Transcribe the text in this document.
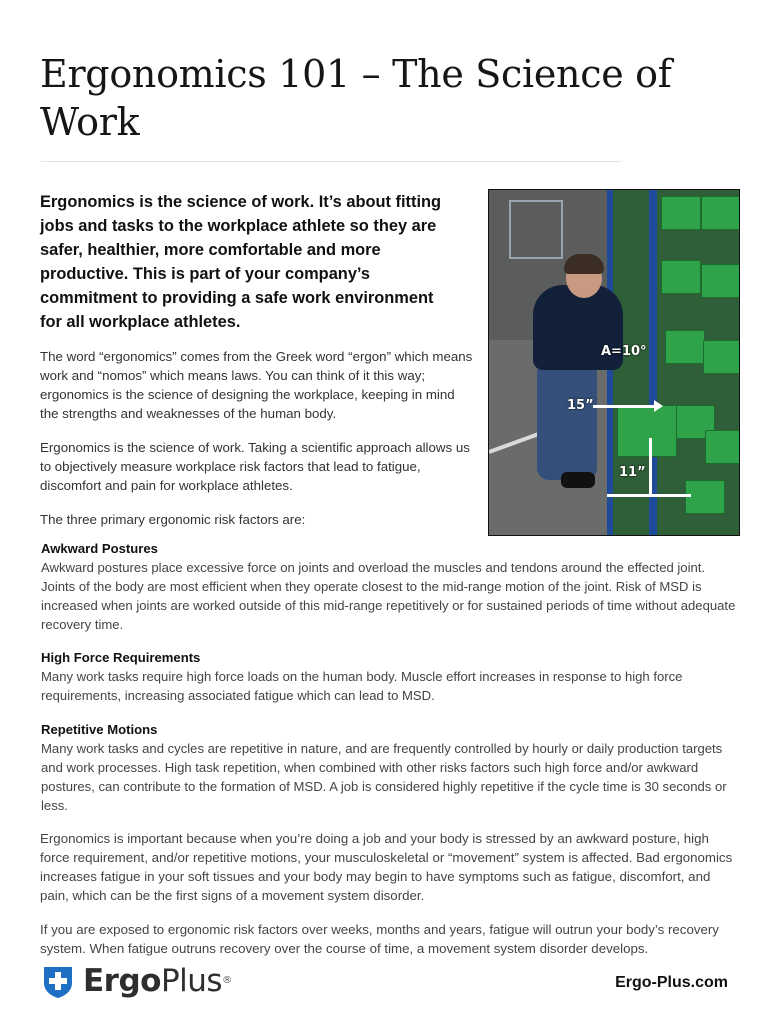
Ergonomics 101 – The Science of Work

Ergonomics is the science of work. It’s about fitting jobs and tasks to the workplace athlete so they are safer, healthier, more comfortable and more productive. This is part of your company’s commitment to providing a safe work environment for all workplace athletes.

The word “ergonomics” comes from the Greek word “ergon” which means work and “nomos” which means laws. You can think of it this way; ergonomics is the science of designing the workplace, keeping in mind the strengths and weaknesses of the human body.

Ergonomics is the science of work. Taking a scientific approach allows us to objectively measure workplace risk factors that lead to fatigue, discomfort and pain for workplace athletes.

The three primary ergonomic risk factors are:

Awkward Postures

Awkward postures place excessive force on joints and overload the muscles and tendons around the effected joint. Joints of the body are most efficient when they operate closest to the mid-range motion of the joint. Risk of MSD is increased when joints are worked outside of this mid-range repetitively or for sustained periods of time without adequate recovery time.

High Force Requirements

Many work tasks require high force loads on the human body. Muscle effort increases in response to high force requirements, increasing associated fatigue which can lead to MSD.

Repetitive Motions

Many work tasks and cycles are repetitive in nature, and are frequently controlled by hourly or daily production targets and work processes. High task repetition, when combined with other risks factors such high force and/or awkward postures, can contribute to the formation of MSD. A job is considered highly repetitive if the cycle time is 30 seconds or less.

Ergonomics is important because when you’re doing a job and your body is stressed by an awkward posture, high force requirement, and/or repetitive motions, your musculoskeletal or “movement” system is affected. Bad ergonomics increases fatigue in your soft tissues and your body may begin to have symptoms such as fatigue, discomfort, and pain, which can be the first signs of a movement system disorder.

If you are exposed to ergonomic risk factors over weeks, months and years, fatigue will outrun your body’s recovery system. When fatigue outruns recovery over the course of time, a movement system disorder develops.

A=10°
15”
11”
ErgoPlus®	Ergo-Plus.com
